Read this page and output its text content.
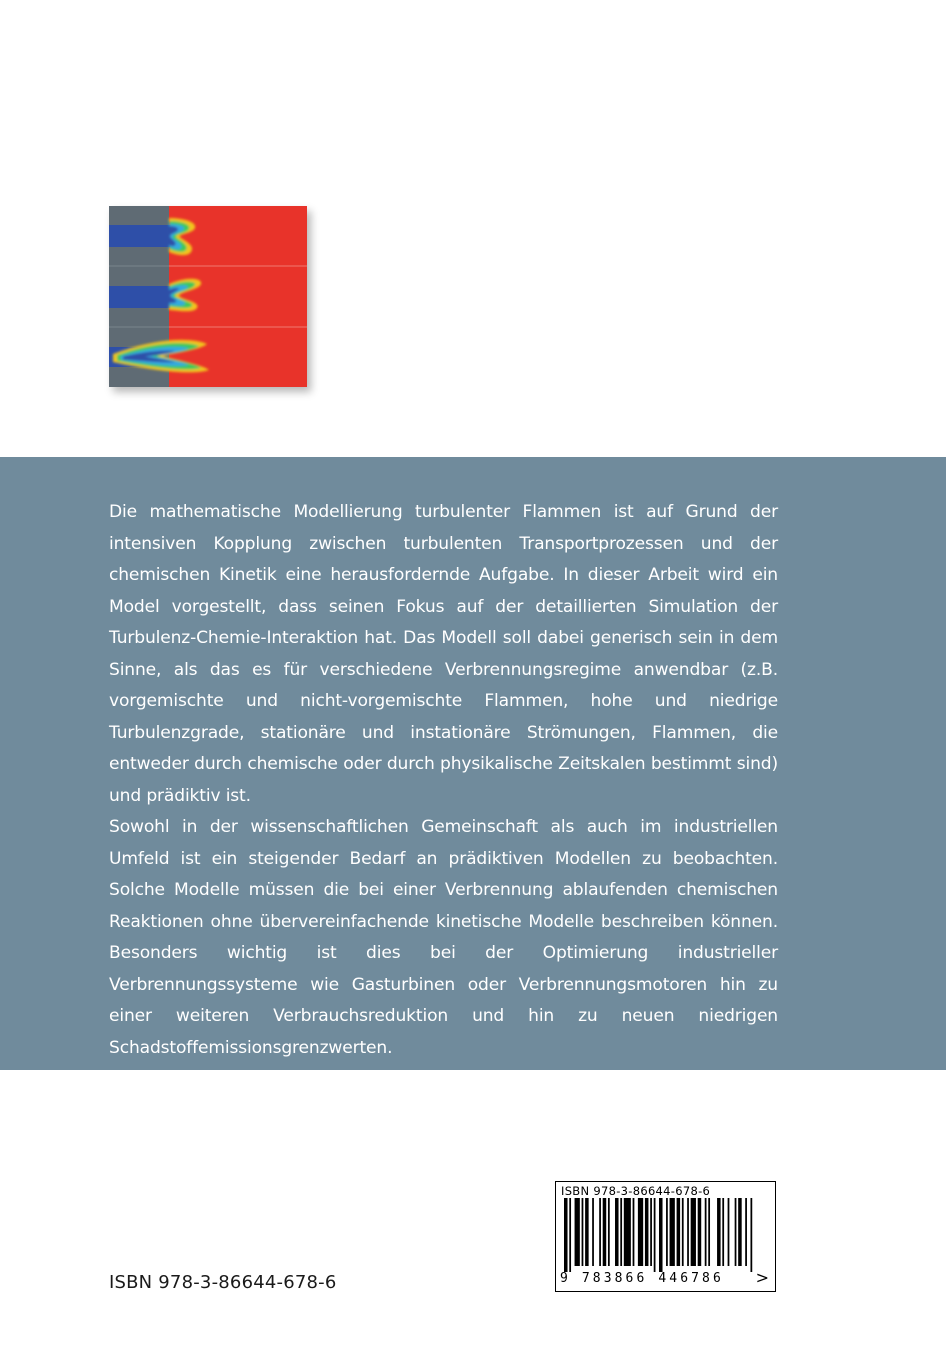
Die mathematische Modellierung turbulenter Flammen ist auf Grund der intensiven Kopplung zwischen turbulenten Transportprozessen und der chemischen Kinetik eine herausfordernde Aufgabe. In dieser Arbeit wird ein Model vorgestellt, dass seinen Fokus auf der detaillierten Simulation der Turbulenz-Chemie-Interaktion hat. Das Modell soll dabei generisch sein in dem Sinne, als das es für verschiedene Verbrennungsregime anwendbar (z.B. vorgemischte und nicht-vorgemischte Flammen, hohe und niedrige Turbulenzgrade, stationäre und instationäre Strömungen, Flammen, die entweder durch chemische oder durch physikalische Zeitskalen bestimmt sind) und prädiktiv ist.

Sowohl in der wissenschaftlichen Gemeinschaft als auch im industriellen Umfeld ist ein steigender Bedarf an prädiktiven Modellen zu beobachten. Solche Modelle müssen die bei einer Verbrennung ablaufenden chemischen Reaktionen ohne übervereinfachende kinetische Modelle beschreiben können. Besonders wichtig ist dies bei der Optimierung industrieller Verbrennungssysteme wie Gasturbinen oder Verbrennungsmotoren hin zu einer weiteren Verbrauchsreduktion und hin zu neuen niedrigen Schadstoffemissionsgrenzwerten.

ISBN 978-3-86644-678-6
ISBN 978-3-86644-678-6
9 783866 446786	>
